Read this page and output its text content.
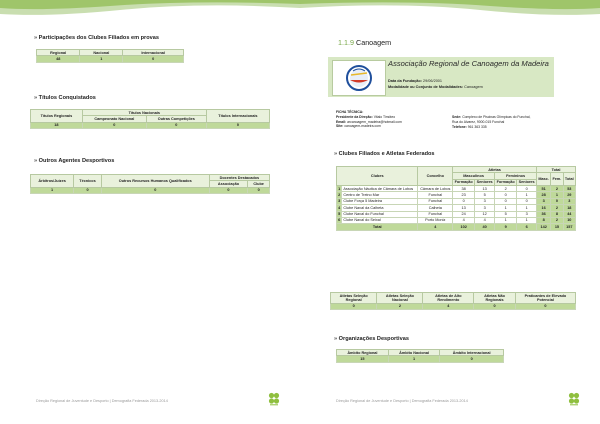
» Participações dos Clubes Filiados em provas
Regional	Nacional	Internacional
48	1	0
» Títulos Conquistados
Títulos Regionais	Títulos Nacionais		Títulos Internacionais
	Campeonato Nacional	Outras Competições	
18	0	0	0
» Outros Agentes Desportivos
Árbitros/Juízes	Técnicos	Outros Recursos Humanos Qualificados	Docentes Destacados	
			Associação	Clube
1	0	0	0	0
Direção Regional de Juventude e Desporto | Demografia Federada 2013-2014
1.1.9 Canoagem
Associação Regional de Canoagem da Madeira
Data da Fundação: 29/06/2001
Modalidade ou Conjunto de Modalidades: Canoagem
FICHA TÉCNICA:
Presidente da Direção: Vitalo Timóteo
Email: arcanoagem_madeira@hotmail.com
Site: canoagem-madeira.com
Sede: Complexo de Piscinas Olímpicas do Funchal,
Rua do Alvarez, 9000-015 Funchal
Telefone: 961 363 335
» Clubes Filiados e Atletas Federados
Clubes		Concelho	Atletas				Total		
			Masculinos		Femininos		Masc.	Fem.	Total
			Formação	Seniores	Formação	Seniores			
1	Associação Náutica de Câmara de Lobos	Câmara de Lobos	38	13	2	0	51	2	53
2	Centro de Treino Mar	Funchal	23	5	0	1	28	1	29
3	Clube Força 5 Madeira	Funchal	0	3	0	0	3	0	3
4	Clube Naval da Calheta	Calheta	13	3	1	1	16	2	18
5	Clube Naval do Funchal	Funchal	24	12	5	3	36	8	44
6	Clube Naval do Seixal	Porto Moniz	4	4	1	1	8	2	10
Total		4	102	40	9	6	142	15	157
Atletas Seleção Regional	Atletas Seleção Nacional	Atletas de Alto Rendimento	Atletas Não Regionais	Praticantes de Elevado Potencial
0	2	4	0	0
» Organizações Desportivas
Âmbito Regional	Âmbito Nacional	Âmbito Internacional
15	1	0
Direção Regional de Juventude e Desporto | Demografia Federada 2013-2014
